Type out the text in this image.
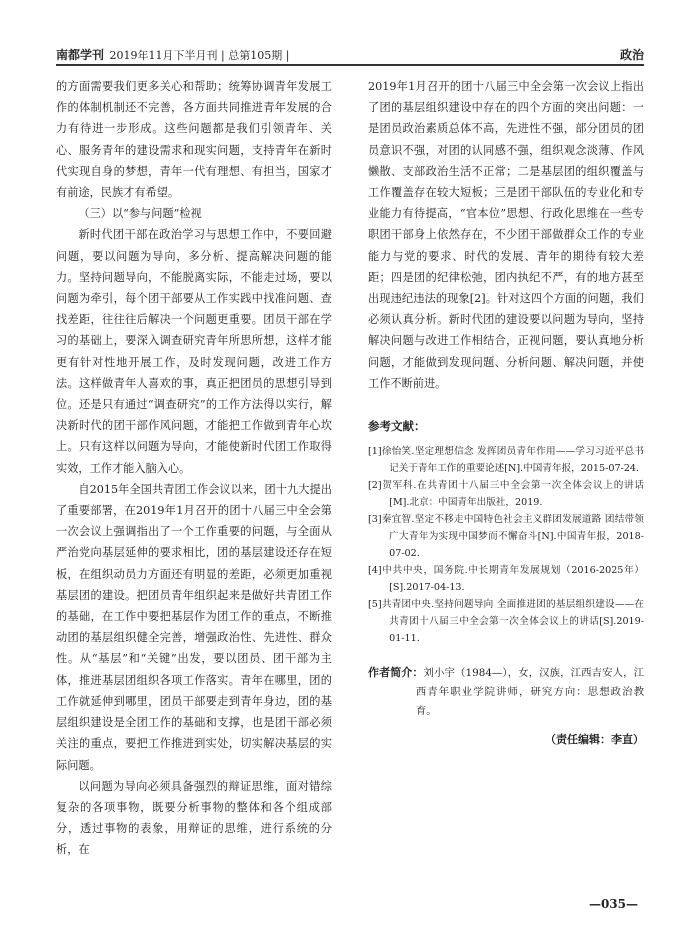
南都学刊 2019年11月下半月刊 | 总第105期 |	政治

的方面需要我们更多关心和帮助；统筹协调青年发展工作的体制机制还不完善，各方面共同推进青年发展的合力有待进一步形成。这些问题都是我们引领青年、关心、服务青年的建设需求和现实问题，支持青年在新时代实现自身的梦想，青年一代有理想、有担当，国家才有前途，民族才有希望。

（三）以“参与问题”检视

新时代团干部在政治学习与思想工作中，不要回避问题，要以问题为导向，多分析、提高解决问题的能力。坚持问题导向，不能脱离实际，不能走过场，要以问题为牵引，每个团干部要从工作实践中找准问题、查找差距，往往往后解决一个问题更重要。团员干部在学习的基础上，要深入调查研究青年所思所想，这样才能更有针对性地开展工作，及时发现问题，改进工作方法。这样做青年人喜欢的事，真正把团员的思想引导到位。还是只有通过“调查研究”的工作方法得以实行，解决新时代的团干部作风问题，才能把工作做到青年心坎上。只有这样以问题为导向，才能使新时代团工作取得实效，工作才能入脑入心。

自2015年全国共青团工作会议以来，团十九大提出了重要部署，在2019年1月召开的团十八届三中全会第一次会议上强调指出了一个工作重要的问题，与全面从严治党向基层延伸的要求相比，团的基层建设还存在短板，在组织动员力方面还有明显的差距，必须更加重视基层团的建设。把团员青年组织起来是做好共青团工作的基础，在工作中要把基层作为团工作的重点，不断推动团的基层组织健全完善，增强政治性、先进性、群众性。从“基层”和“关键”出发，要以团员、团干部为主体，推进基层团组织各项工作落实。青年在哪里，团的工作就延伸到哪里，团员干部要走到青年身边，团的基层组织建设是全团工作的基础和支撑，也是团干部必须关注的重点，要把工作推进到实处，切实解决基层的实际问题。

以问题为导向必须具备强烈的辩证思维，面对错综复杂的各项事物，既要分析事物的整体和各个组成部分，透过事物的表象，用辩证的思维，进行系统的分析，在

2019年1月召开的团十八届三中全会第一次会议上指出了团的基层组织建设中存在的四个方面的突出问题：一是团员政治素质总体不高，先进性不强，部分团员的团员意识不强，对团的认同感不强，组织观念淡薄、作风懒散、支部政治生活不正常；二是基层团的组织覆盖与工作覆盖存在较大短板；三是团干部队伍的专业化和专业能力有待提高，“官本位”思想、行政化思维在一些专职团干部身上依然存在，不少团干部做群众工作的专业能力与党的要求、时代的发展、青年的期待有较大差距；四是团的纪律松弛，团内执纪不严，有的地方甚至出现违纪违法的现象[2]。针对这四个方面的问题，我们必须认真分析。新时代团的建设要以问题为导向，坚持解决问题与改进工作相结合，正视问题，要认真地分析问题，才能做到发现问题、分析问题、解决问题，并使工作不断前进。

参考文献：
[1]徐怡笑.坚定理想信念 发挥团员青年作用——学习习近平总书记关于青年工作的重要论述[N].中国青年报，2015-07-24.
[2]贺军科.在共青团十八届三中全会第一次全体会议上的讲话[M].北京：中国青年出版社，2019.
[3]秦宜智.坚定不移走中国特色社会主义群团发展道路 团结带领广大青年为实现中国梦而不懈奋斗[N].中国青年报，2018-07-02.
[4]中共中央，国务院.中长期青年发展规划（2016-2025年）[S].2017-04-13.
[5]共青团中央.坚持问题导向 全面推进团的基层组织建设——在共青团十八届三中全会第一次全体会议上的讲话[S].2019-01-11.
作者简介：刘小宇（1984—），女，汉族，江西吉安人，江西青年职业学院讲师，研究方向：思想政治教育。
（责任编辑：李直）
—035—
